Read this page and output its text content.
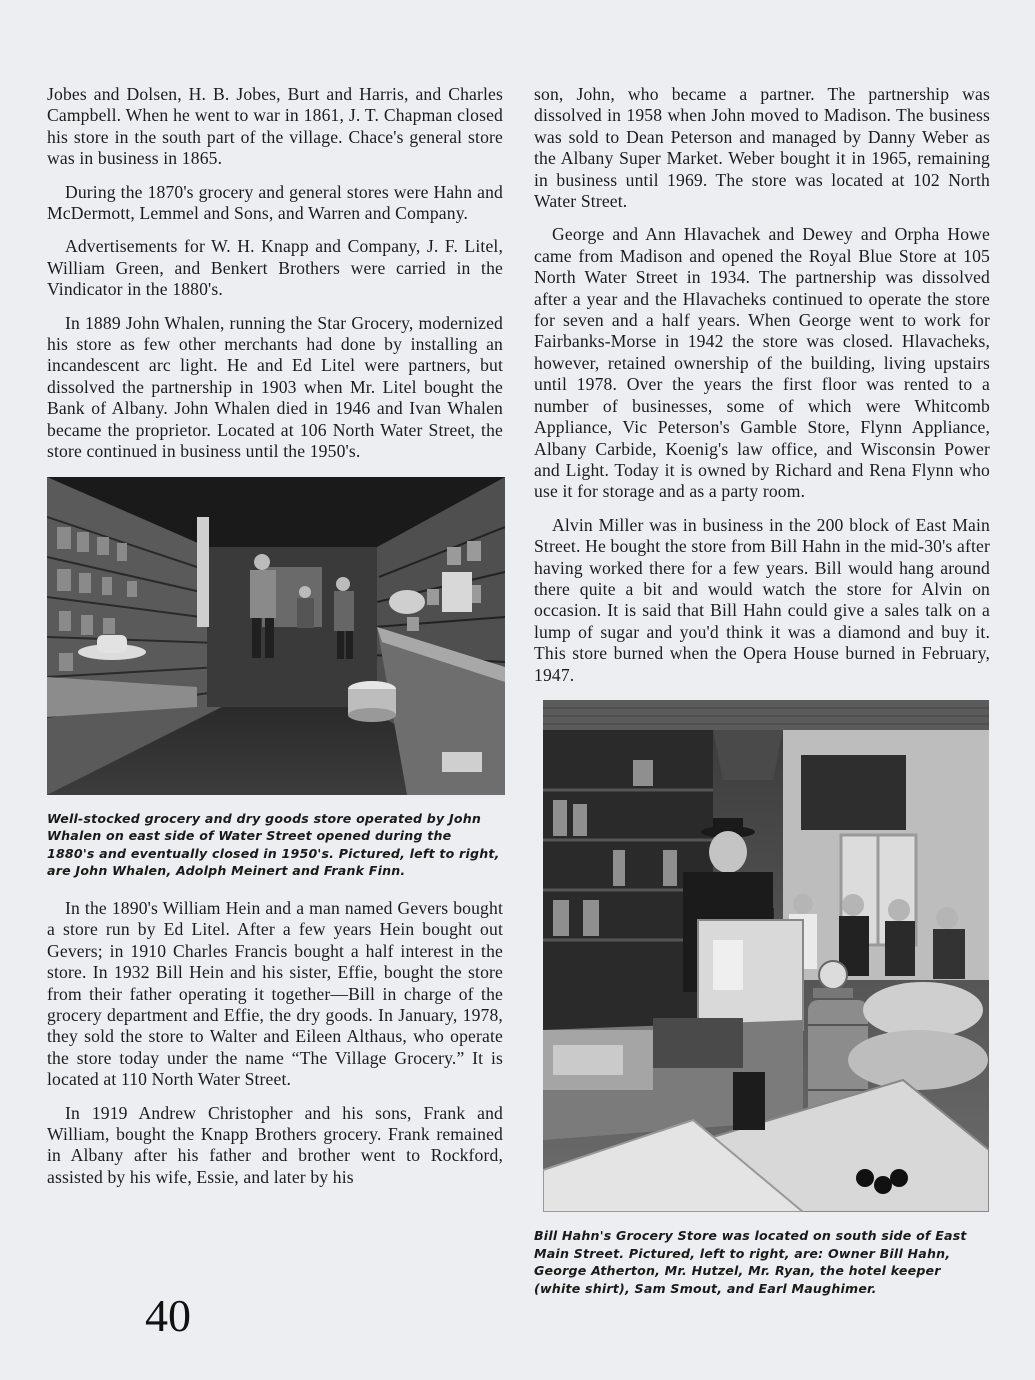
Jobes and Dolsen, H. B. Jobes, Burt and Harris, and Charles Campbell. When he went to war in 1861, J. T. Chapman closed his store in the south part of the village. Chace's general store was in business in 1865.

During the 1870's grocery and general stores were Hahn and McDermott, Lemmel and Sons, and Warren and Company.

Advertisements for W. H. Knapp and Company, J. F. Litel, William Green, and Benkert Brothers were carried in the Vindicator in the 1880's.

In 1889 John Whalen, running the Star Grocery, modernized his store as few other merchants had done by installing an incandescent arc light. He and Ed Litel were partners, but dissolved the partnership in 1903 when Mr. Litel bought the Bank of Albany. John Whalen died in 1946 and Ivan Whalen became the proprietor. Located at 106 North Water Street, the store continued in business until the 1950's.

Well-stocked grocery and dry goods store operated by John Whalen on east side of Water Street opened during the 1880's and eventually closed in 1950's. Pictured, left to right, are John Whalen, Adolph Meinert and Frank Finn.

In the 1890's William Hein and a man named Gevers bought a store run by Ed Litel. After a few years Hein bought out Gevers; in 1910 Charles Francis bought a half interest in the store. In 1932 Bill Hein and his sister, Effie, bought the store from their father operating it together—Bill in charge of the grocery department and Effie, the dry goods. In January, 1978, they sold the store to Walter and Eileen Althaus, who operate the store today under the name “The Village Grocery.” It is located at 110 North Water Street.

In 1919 Andrew Christopher and his sons, Frank and William, bought the Knapp Brothers grocery. Frank remained in Albany after his father and brother went to Rockford, assisted by his wife, Essie, and later by his

son, John, who became a partner. The partnership was dissolved in 1958 when John moved to Madison. The business was sold to Dean Peterson and managed by Danny Weber as the Albany Super Market. Weber bought it in 1965, remaining in business until 1969. The store was located at 102 North Water Street.

George and Ann Hlavachek and Dewey and Orpha Howe came from Madison and opened the Royal Blue Store at 105 North Water Street in 1934. The partnership was dissolved after a year and the Hlavacheks continued to operate the store for seven and a half years. When George went to work for Fairbanks-Morse in 1942 the store was closed. Hlavacheks, however, retained ownership of the building, living upstairs until 1978. Over the years the first floor was rented to a number of businesses, some of which were Whitcomb Appliance, Vic Peterson's Gamble Store, Flynn Appliance, Albany Carbide, Koenig's law office, and Wisconsin Power and Light. Today it is owned by Richard and Rena Flynn who use it for storage and as a party room.

Alvin Miller was in business in the 200 block of East Main Street. He bought the store from Bill Hahn in the mid-30's after having worked there for a few years. Bill would hang around there quite a bit and would watch the store for Alvin on occasion. It is said that Bill Hahn could give a sales talk on a lump of sugar and you'd think it was a diamond and buy it. This store burned when the Opera House burned in February, 1947.

Bill Hahn's Grocery Store was located on south side of East Main Street. Pictured, left to right, are: Owner Bill Hahn, George Atherton, Mr. Hutzel, Mr. Ryan, the hotel keeper (white shirt), Sam Smout, and Earl Maughimer.
40
